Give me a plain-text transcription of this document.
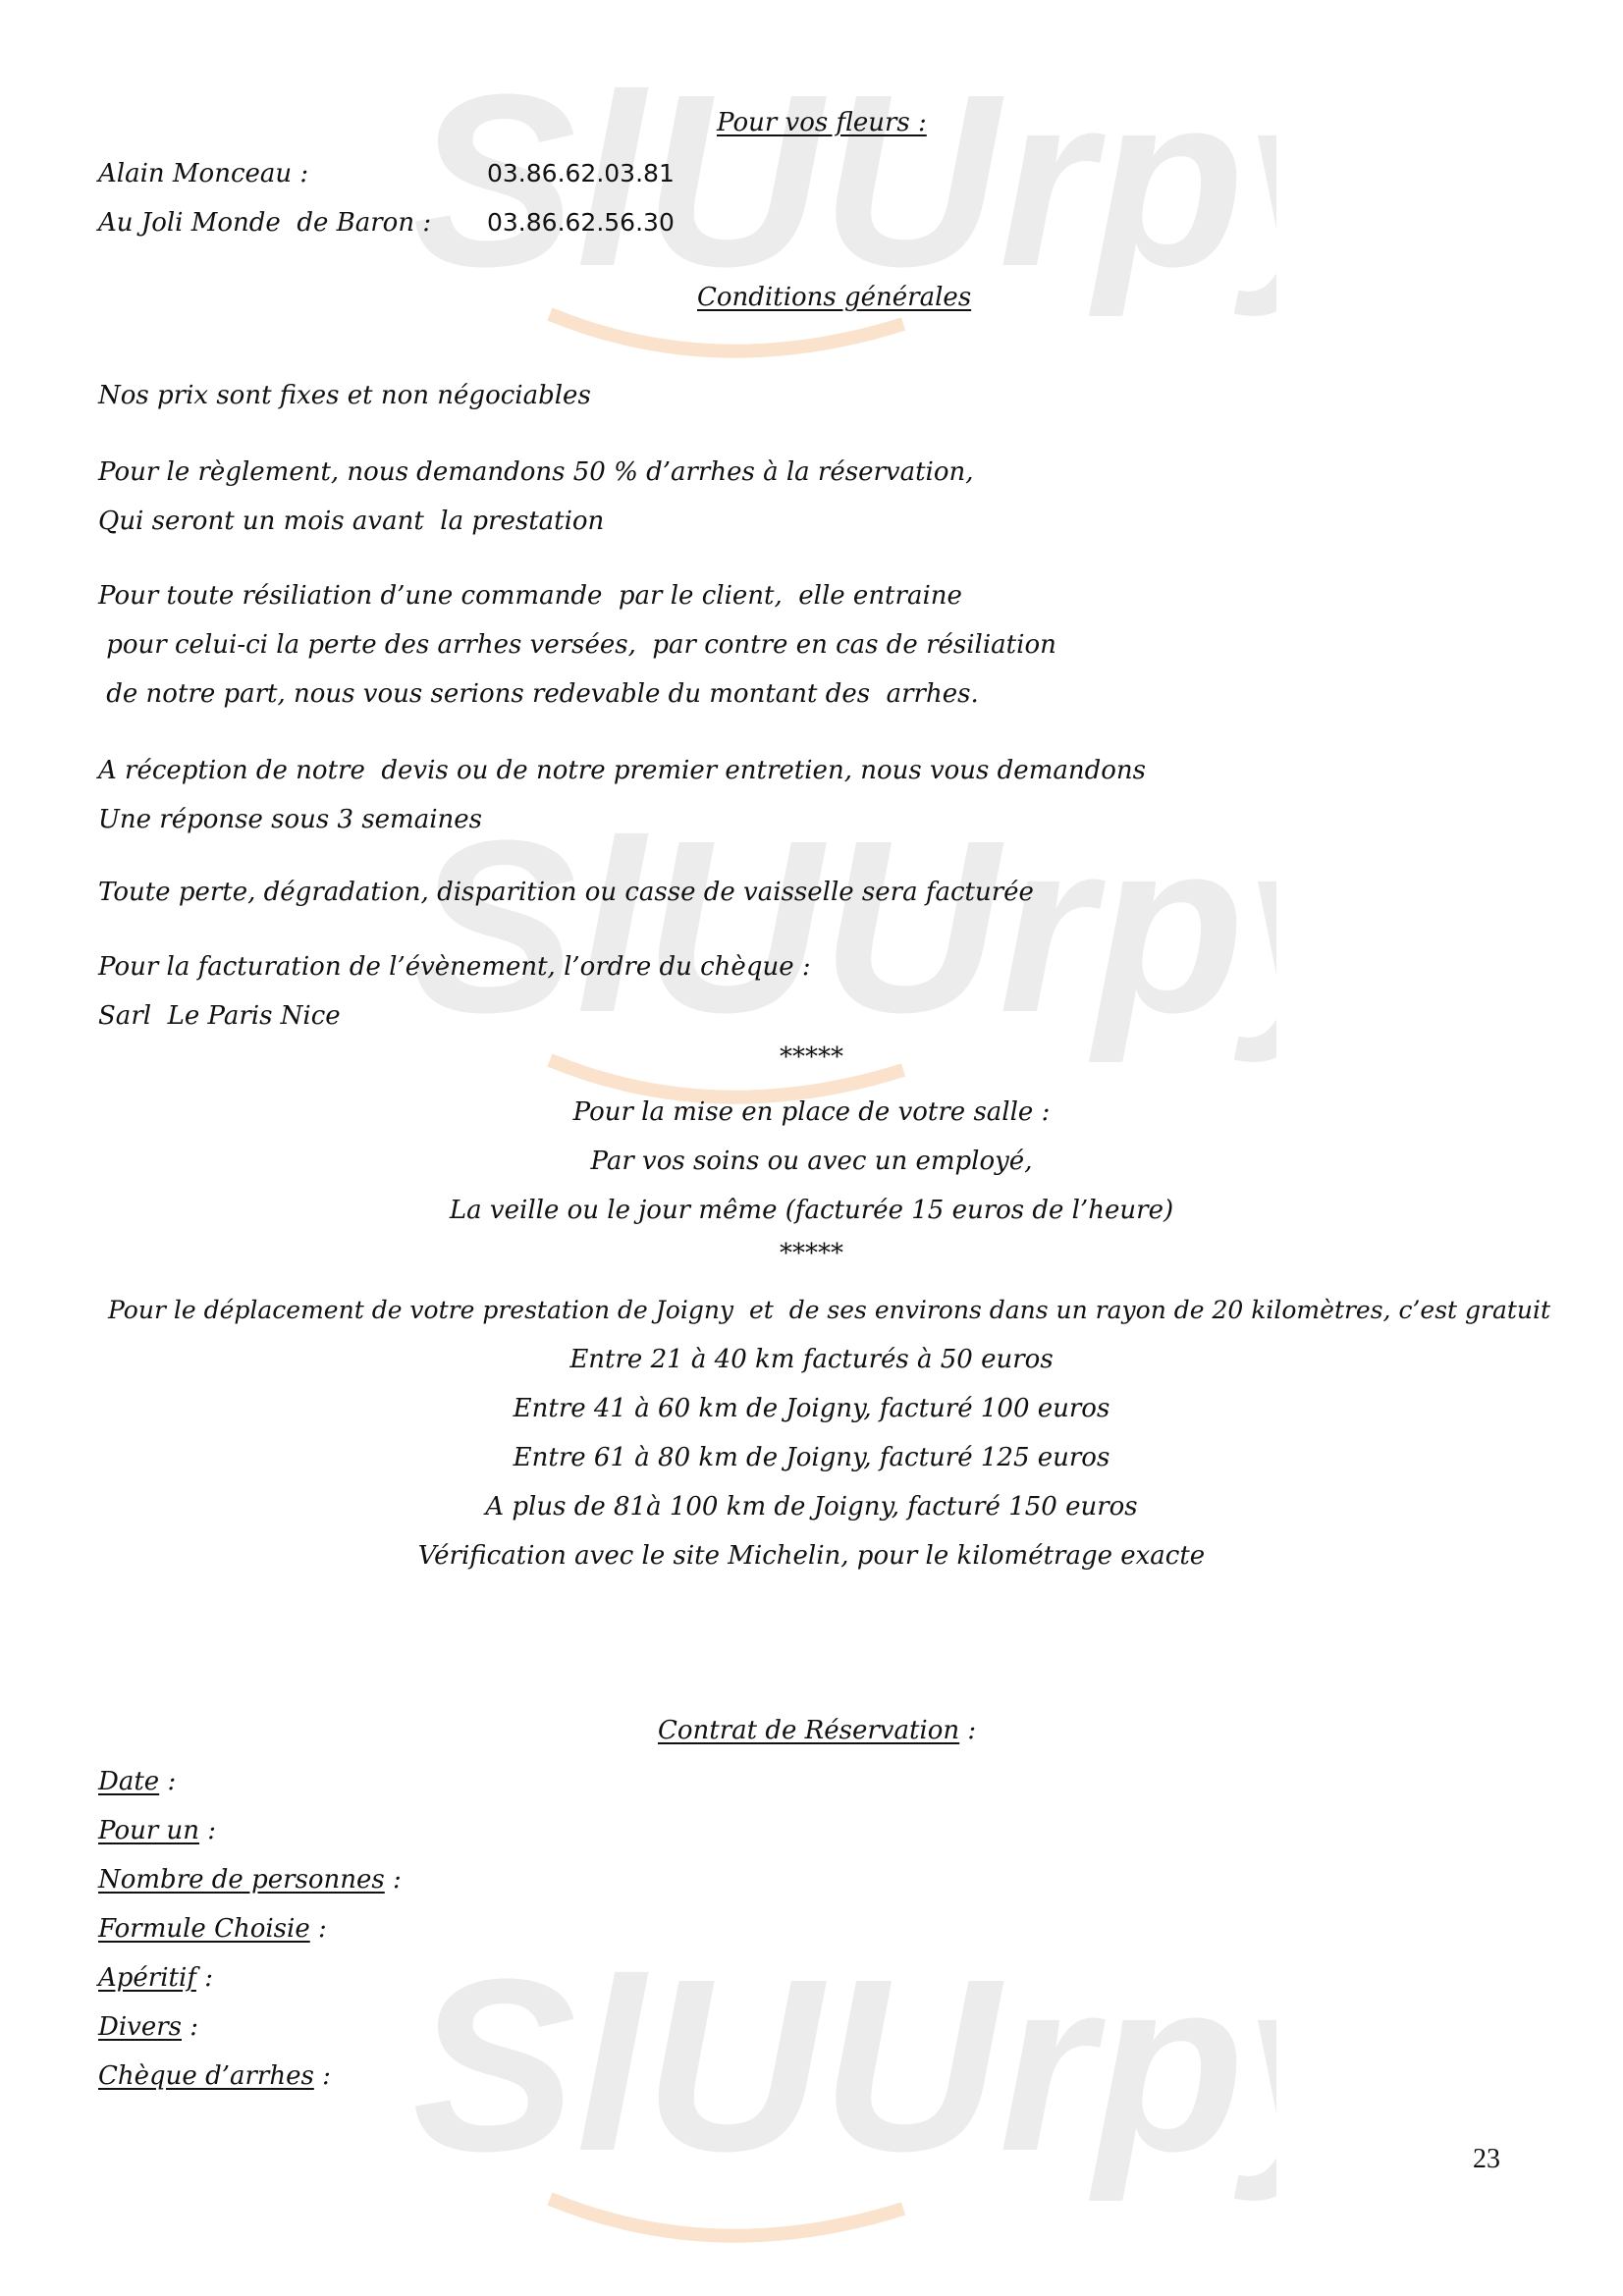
SlUUrp
SlUUrp
SlUUrp
Pour vos fleurs :
Alain Monceau :	03.86.62.03.81
Au Joli Monde  de Baron : 03.86.62.56.30
Conditions générales
Nos prix sont fixes et non négociables
Pour le règlement, nous demandons 50 % d’arrhes à la réservation,
Qui seront un mois avant  la prestation
Pour toute résiliation d’une commande  par le client,  elle entraine
pour celui-ci la perte des arrhes versées,  par contre en cas de résiliation
de notre part, nous vous serions redevable du montant des  arrhes.
A réception de notre  devis ou de notre premier entretien, nous vous demandons
Une réponse sous 3 semaines
Toute perte, dégradation, disparition ou casse de vaisselle sera facturée
Pour la facturation de l’évènement, l’ordre du chèque :
Sarl  Le Paris Nice
*****
Pour la mise en place de votre salle :
Par vos soins ou avec un employé,
La veille ou le jour même (facturée 15 euros de l’heure)
*****
Pour le déplacement de votre prestation de Joigny  et  de ses environs dans un rayon de 20 kilomètres, c’est gratuit
Entre 21 à 40 km facturés à 50 euros
Entre 41 à 60 km de Joigny, facturé 100 euros
Entre 61 à 80 km de Joigny, facturé 125 euros
A plus de 81à 100 km de Joigny, facturé 150 euros
Vérification avec le site Michelin, pour le kilométrage exacte
Contrat de Réservation :
Date :
Pour un :
Nombre de personnes :
Formule Choisie :
Apéritif :
Divers :
Chèque d’arrhes :
23
